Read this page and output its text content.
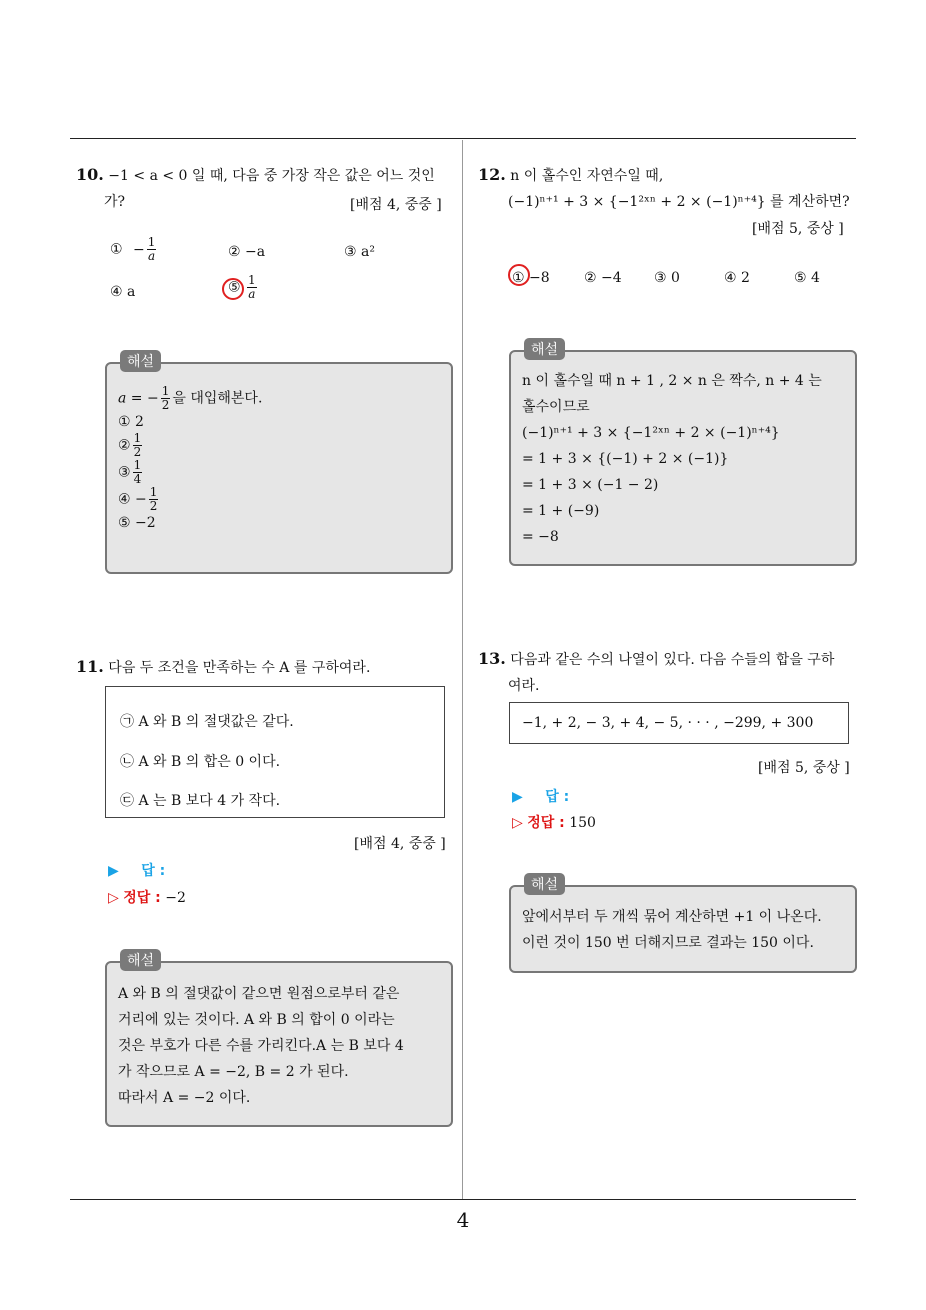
4
10. −1 < a < 0 일 때, 다음 중 가장 작은 값은 어느 것인
가?	[배점 4, 중중 ]
① − $\frac{1}{a}$	② −a	③ a²
④ a	⑤ $\frac{1}{a}$
해설
a = − $\frac{1}{2}$ 을 대입해본다.
① 2
② $\frac{1}{2}$
③ $\frac{1}{4}$
④ − $\frac{1}{2}$
⑤ −2
11. 다음 두 조건을 만족하는 수 A 를 구하여라.
㉠ A 와 B 의 절댓값은 같다.
㉡ A 와 B 의 합은 0 이다.
㉢ A 는 B 보다 4 가 작다.
[배점 4, 중중 ]
▶ 답 :
▷ 정답 : −2
해설
A 와 B 의 절댓값이 같으면 원점으로부터 같은
거리에 있는 것이다. A 와 B 의 합이 0 이라는
것은 부호가 다른 수를 가리킨다.A 는 B 보다 4
가 작으므로 A = −2, B = 2 가 된다.
따라서 A = −2 이다.
12. n 이 홀수인 자연수일 때,
(−1)ⁿ⁺¹ + 3 × {−1²ˣⁿ + 2 × (−1)ⁿ⁺⁴} 를 계산하면?
[배점 5, 중상 ]
① −8 ② −4 ③ 0	④ 2	⑤ 4
해설
n 이 홀수일 때 n + 1 , 2 × n 은 짝수, n + 4 는
홀수이므로
(−1)ⁿ⁺¹ + 3 × {−1²ˣⁿ + 2 × (−1)ⁿ⁺⁴}
= 1 + 3 × {(−1) + 2 × (−1)}
= 1 + 3 × (−1 − 2)
= 1 + (−9)
= −8
13. 다음과 같은 수의 나열이 있다. 다음 수들의 합을 구하
여라.
−1, + 2, − 3, + 4, − 5, · · · , −299, + 300
[배점 5, 중상 ]
▶ 답 :
▷ 정답 : 150
해설
앞에서부터 두 개씩 묶어 계산하면 +1 이 나온다.
이런 것이 150 번 더해지므로 결과는 150 이다.
